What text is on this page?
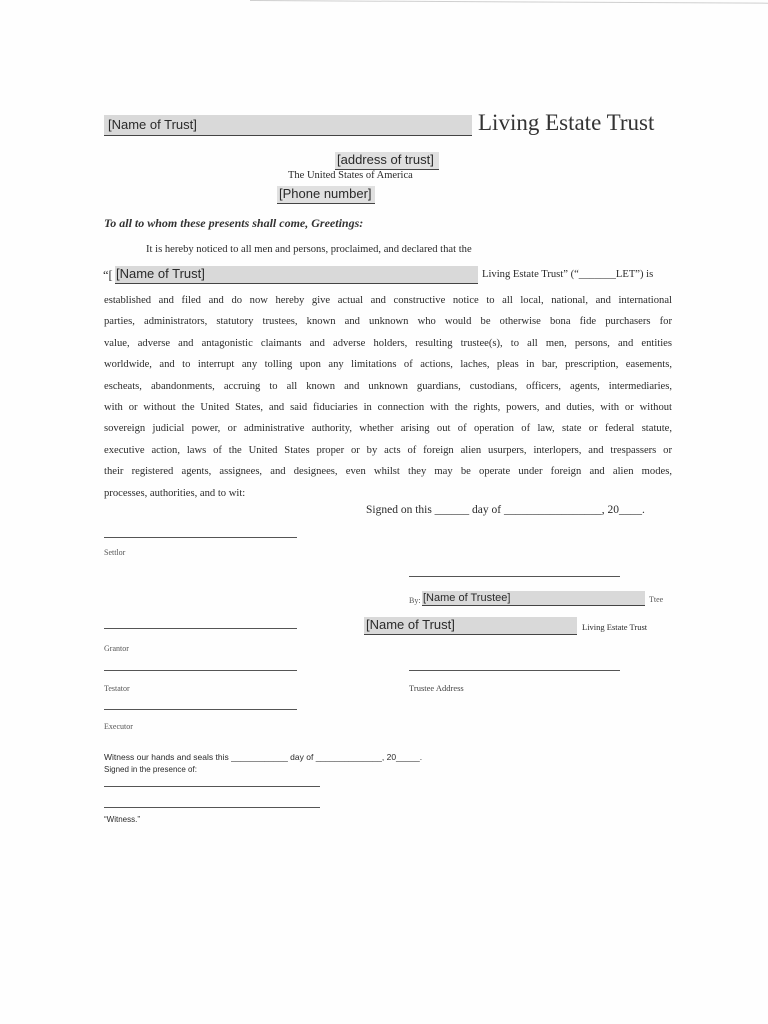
[Name of Trust]	Living Estate Trust
[address of trust]
The United States of America
[Phone number]
To all to whom these presents shall come, Greetings:
It is hereby noticed to all men and persons, proclaimed, and declared that the
“[ [Name of Trust]	Living Estate Trust” (“_______LET”) is
established and filed and do now hereby give actual and constructive notice to all local, national, and international
parties, administrators, statutory trustees, known and unknown who would be otherwise bona fide purchasers for
value, adverse and antagonistic claimants and adverse holders, resulting trustee(s), to all men, persons, and entities
worldwide, and to interrupt any tolling upon any limitations of actions, laches, pleas in bar, prescription, easements,
escheats, abandonments, accruing to all known and unknown guardians, custodians, officers, agents, intermediaries,
with or without the United States, and said fiduciaries in connection with the rights, powers, and duties, with or without
sovereign judicial power, or administrative authority, whether arising out of operation of law, state or federal statute,
executive action, laws of the United States proper or by acts of foreign alien usurpers, interlopers, and trespassers or
their registered agents, assignees, and designees, even whilst they may be operate under foreign and alien modes,
processes, authorities, and to wit:
Signed on this ______ day of _________________, 20____.
Settlor
Grantor
Testator
Executor
By: [Name of Trustee]	Ttee
[Name of Trust]	Living Estate Trust
Trustee Address
Witness our hands and seals this ____________ day of ______________, 20_____.
Signed in the presence of:
“Witness.”
